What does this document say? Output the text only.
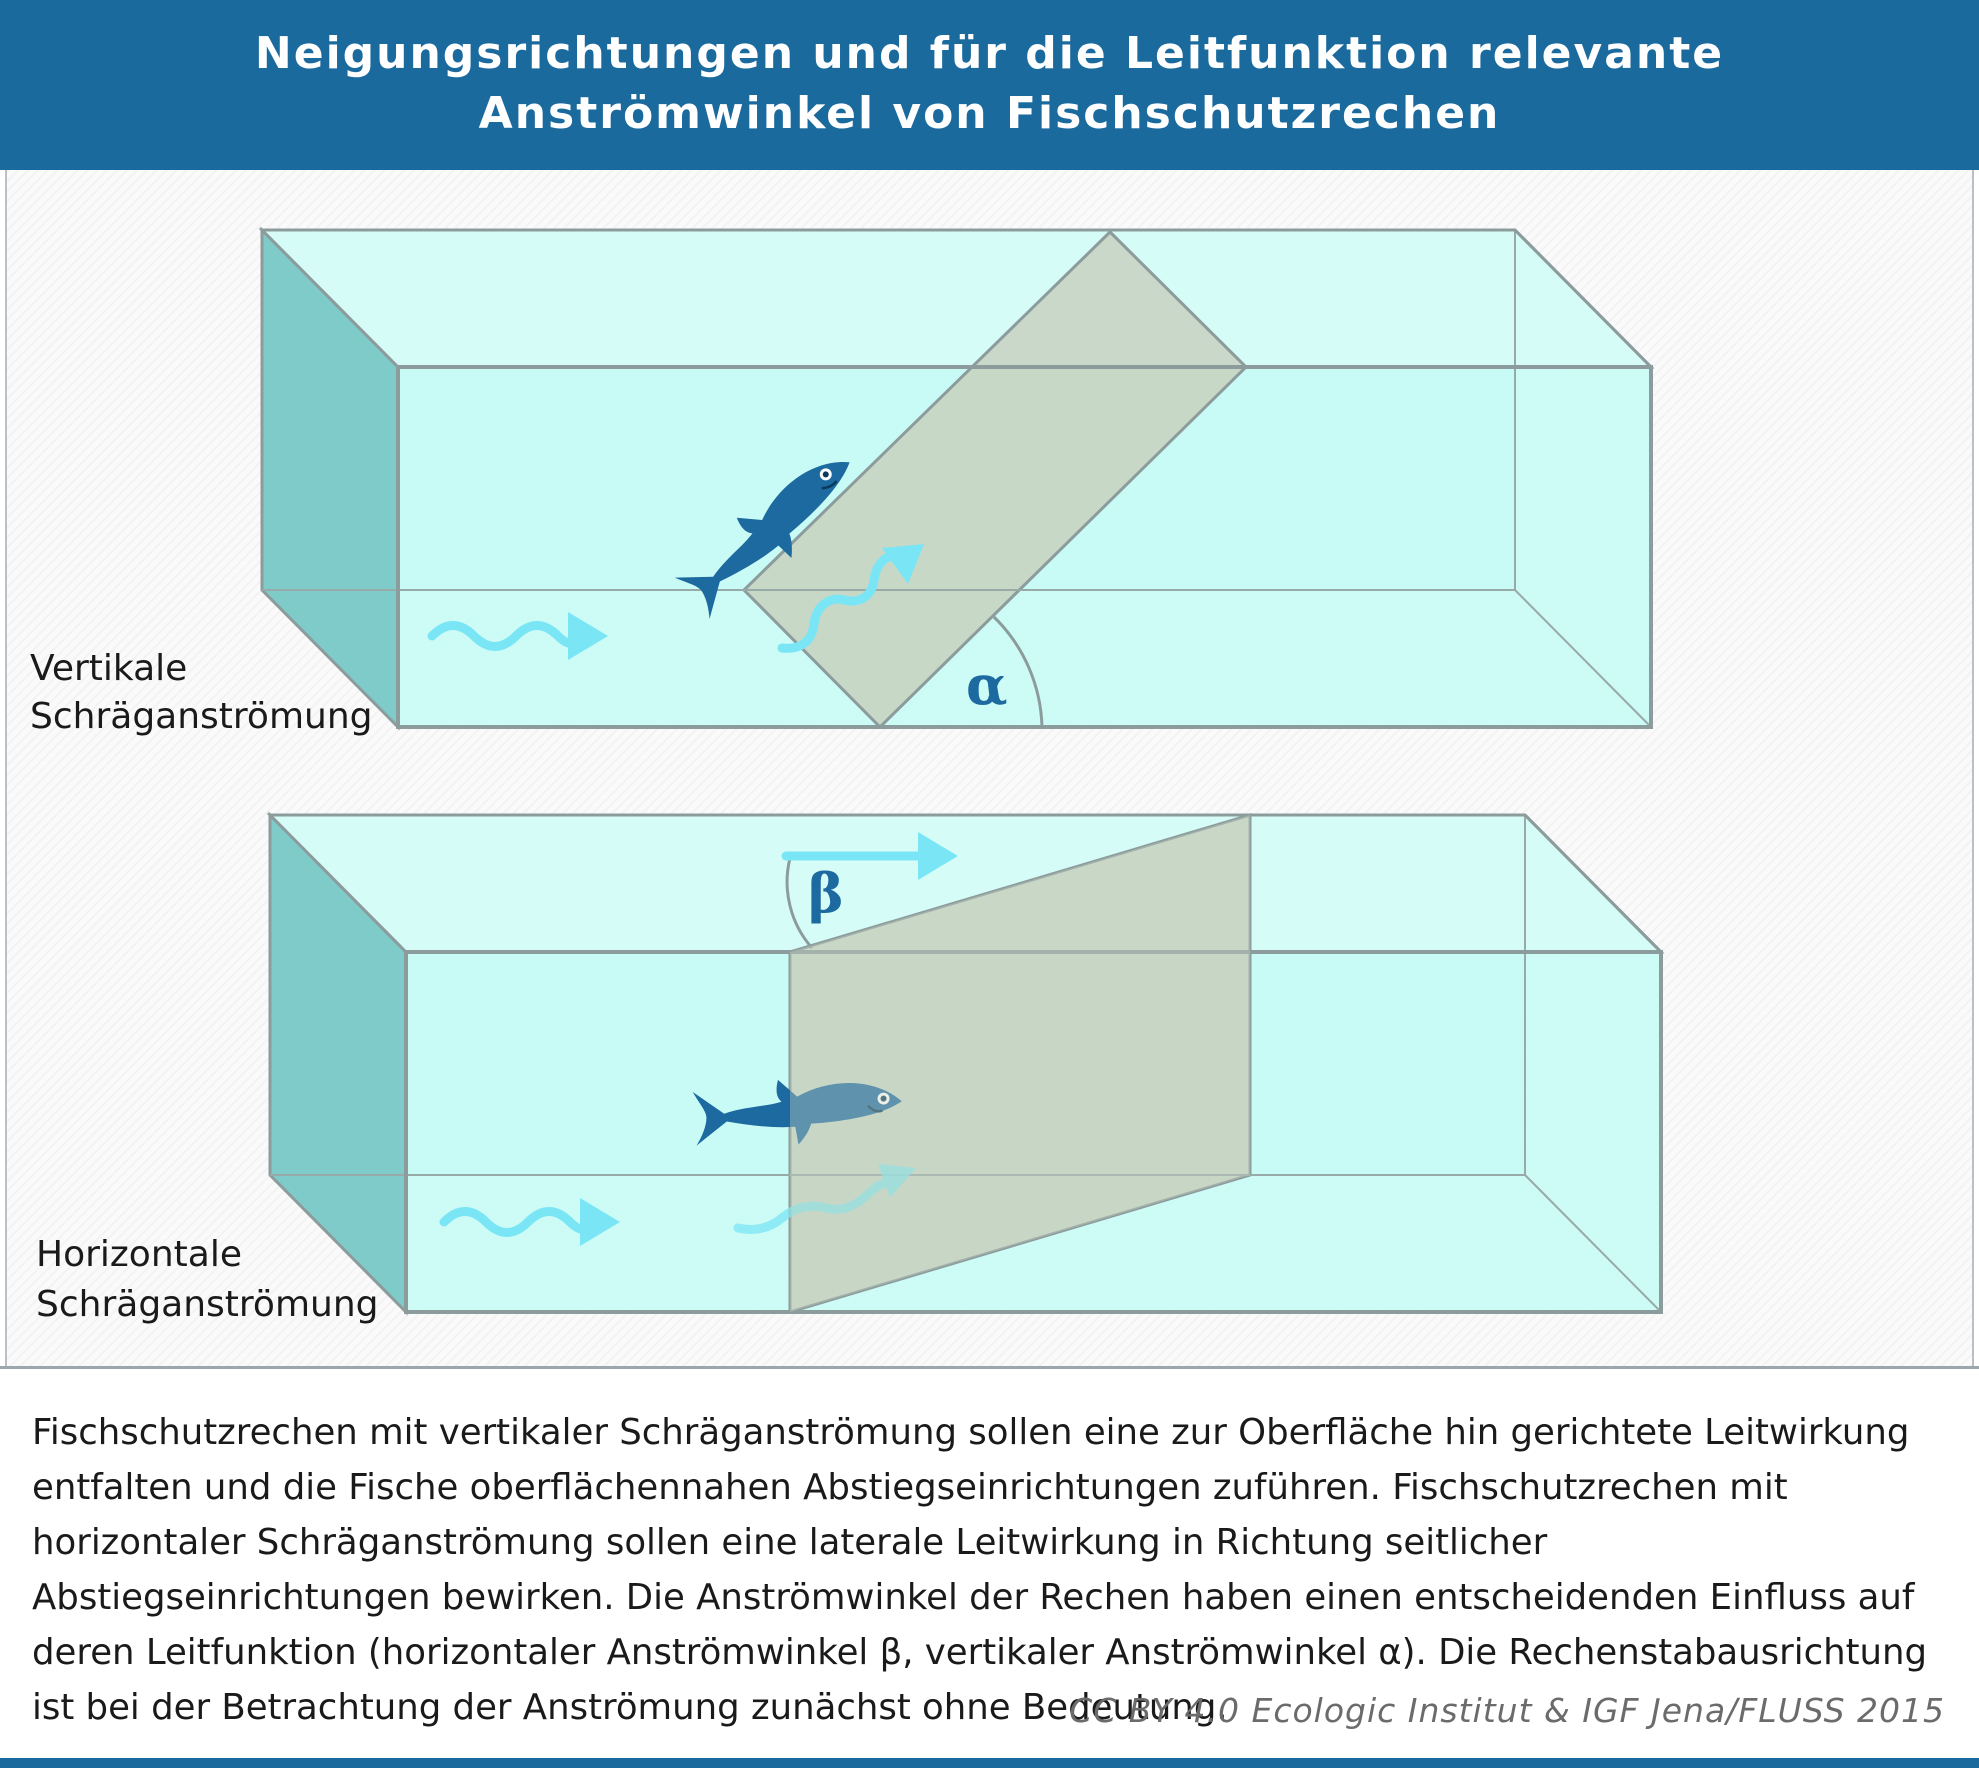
Neigungsrichtungen und für die Leitfunktion relevante
Anströmwinkel von Fischschutzrechen
α
β

Vertikale

Schräganströmung

Horizontale

Schräganströmung

Fischschutzrechen mit vertikaler Schräganströmung sollen eine zur Oberfläche hin gerichtete Leitwirkung entfalten und die Fische oberflächennahen Abstiegseinrichtungen zuführen. Fischschutzrechen mit horizontaler Schräganströmung sollen eine laterale Leitwirkung in Richtung seitlicher Abstiegseinrichtungen bewirken. Die Anströmwinkel der Rechen haben einen entscheidenden Einfluss auf deren Leitfunktion (horizontaler Anströmwinkel β, vertikaler Anströmwinkel α). Die Rechenstabausrichtung ist bei der Betrachtung der Anströmung zunächst ohne Bedeutung.

CC BY 4.0 Ecologic Institut & IGF Jena/FLUSS 2015
